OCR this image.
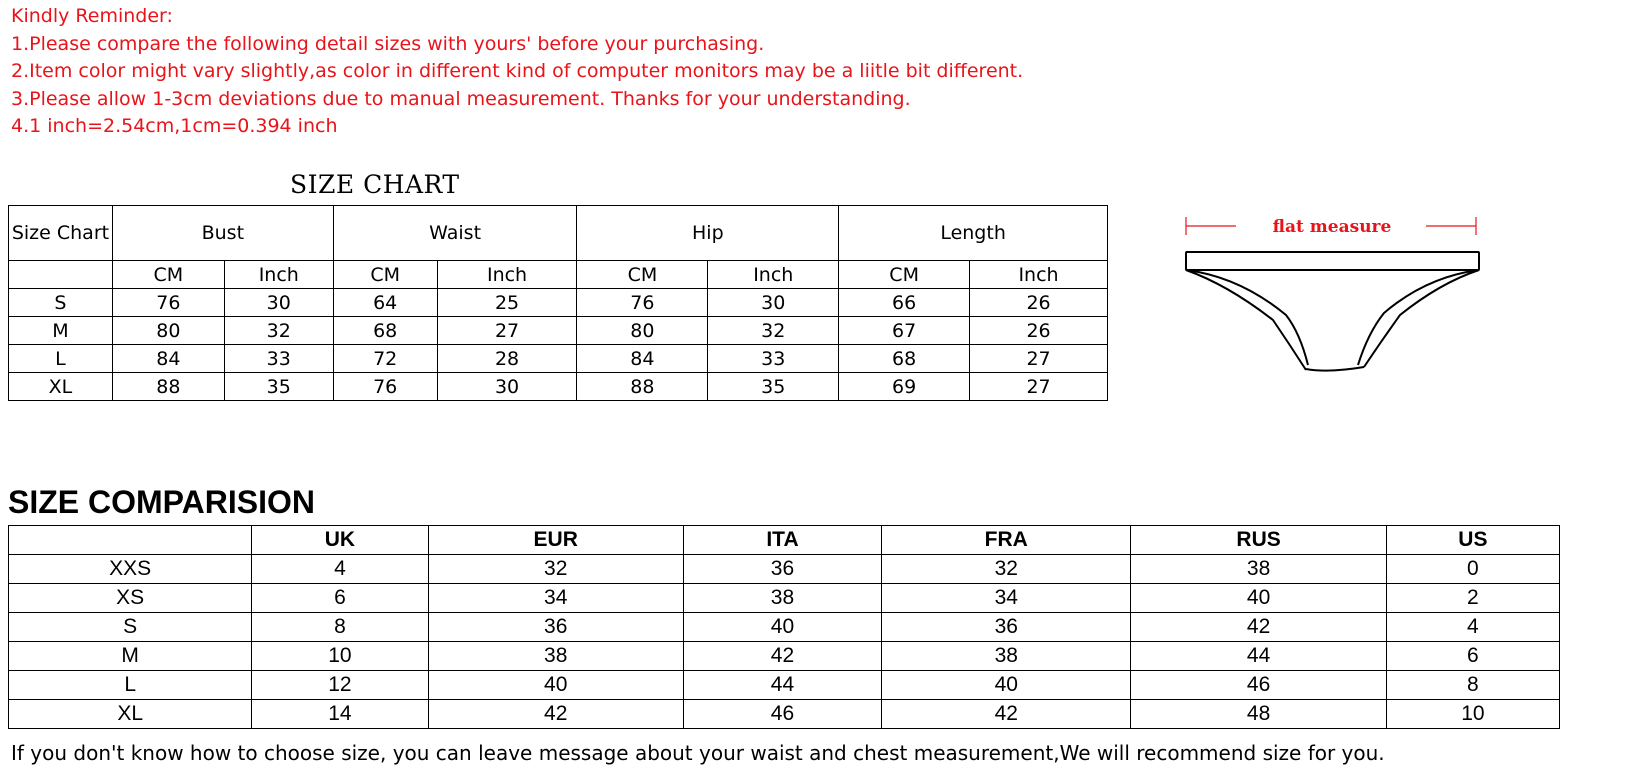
Kindly Reminder:
1.Please compare the following detail sizes with yours' before your purchasing.
2.Item color might vary slightly,as color in different kind of computer monitors may be a liitle bit different.
3.Please allow 1-3cm deviations due to manual measurement. Thanks for your understanding.
4.1 inch=2.54cm,1cm=0.394 inch
SIZE CHART
Size Chart	Bust		Waist		Hip		Length	
	CM	Inch	CM	Inch	CM	Inch	CM	Inch
S	76	30	64	25	76	30	66	26
M	80	32	68	27	80	32	67	26
L	84	33	72	28	84	33	68	27
XL	88	35	76	30	88	35	69	27
flat measure
SIZE COMPARISION
	UK	EUR	ITA	FRA	RUS	US
XXS	4	32	36	32	38	0
XS	6	34	38	34	40	2
S	8	36	40	36	42	4
M	10	38	42	38	44	6
L	12	40	44	40	46	8
XL	14	42	46	42	48	10
If you don't know how to choose size, you can leave message about your waist and chest measurement,We will recommend size for you.
